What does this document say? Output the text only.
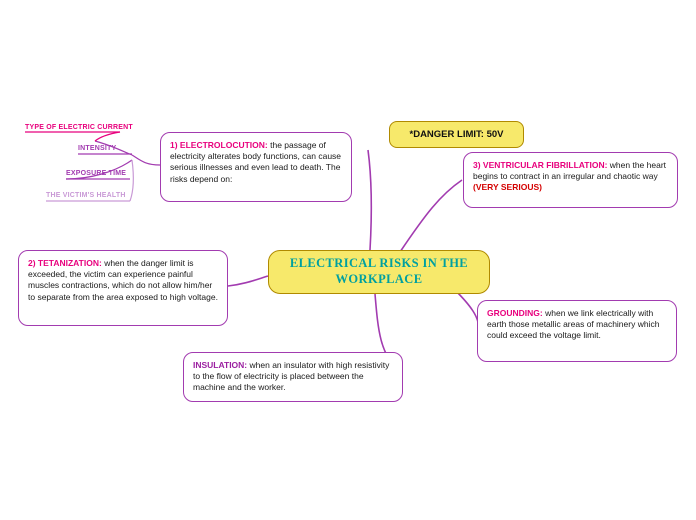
ELECTRICAL RISKS IN THE WORKPLACE
*DANGER LIMIT: 50V
1) ELECTROLOCUTION: the passage of electricity alterates body functions, can cause serious illnesses and even lead to death. The risks depend on:
3) VENTRICULAR FIBRILLATION: when the heart begins to contract in an irregular and chaotic way (VERY SERIOUS)
2) TETANIZATION: when the danger limit is exceeded, the victim can experience painful muscles contractions, which do not allow him/her to separate from the area exposed to high voltage.
GROUNDING: when we link electrically with earth those metallic areas of machinery which could exceed the voltage limit.
INSULATION: when an insulator with high resistivity to the flow of electricity is placed between the machine and the worker.
TYPE OF ELECTRIC CURRENT
INTENSITY
EXPOSURE TIME
THE VICTIM'S HEALTH
